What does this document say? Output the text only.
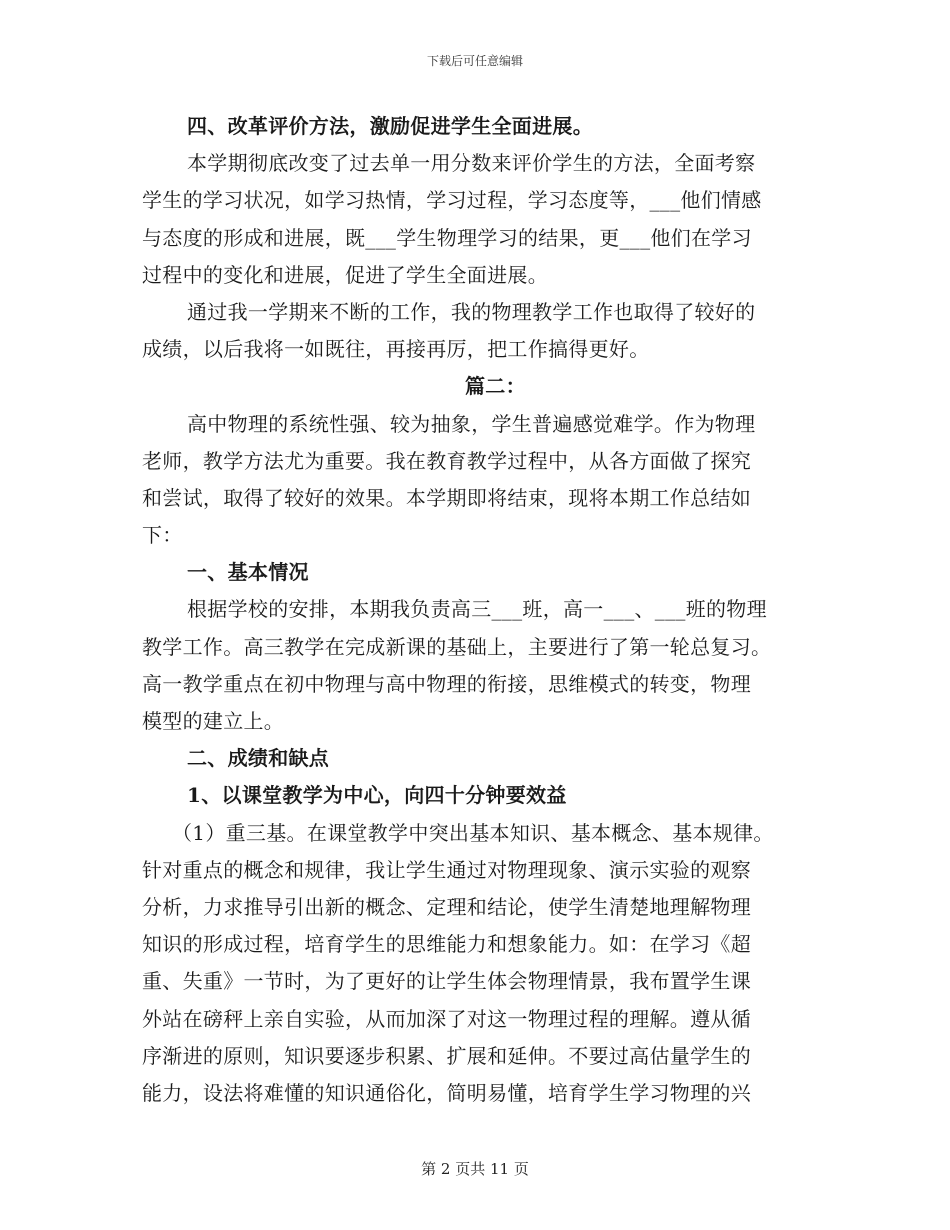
下载后可任意编辑
四、改革评价方法，激励促进学生全面进展。
本学期彻底改变了过去单一用分数来评价学生的方法，全面考察
学生的学习状况，如学习热情，学习过程，学习态度等，___他们情感
与态度的形成和进展，既___学生物理学习的结果，更___他们在学习
过程中的变化和进展，促进了学生全面进展。
通过我一学期来不断的工作，我的物理教学工作也取得了较好的
成绩，以后我将一如既往，再接再厉，把工作搞得更好。
篇二：
高中物理的系统性强、较为抽象，学生普遍感觉难学。作为物理
老师，教学方法尤为重要。我在教育教学过程中，从各方面做了探究
和尝试，取得了较好的效果。本学期即将结束，现将本期工作总结如
下：
一、基本情况
根据学校的安排，本期我负责高三___班，高一___、___班的物理
教学工作。高三教学在完成新课的基础上，主要进行了第一轮总复习。
高一教学重点在初中物理与高中物理的衔接，思维模式的转变，物理
模型的建立上。
二、成绩和缺点
1、以课堂教学为中心，向四十分钟要效益
（1）重三基。在课堂教学中突出基本知识、基本概念、基本规律。
针对重点的概念和规律，我让学生通过对物理现象、演示实验的观察
分析，力求推导引出新的概念、定理和结论，使学生清楚地理解物理
知识的形成过程，培育学生的思维能力和想象能力。如：在学习《超
重、失重》一节时，为了更好的让学生体会物理情景，我布置学生课
外站在磅秤上亲自实验，从而加深了对这一物理过程的理解。遵从循
序渐进的原则，知识要逐步积累、扩展和延伸。不要过高估量学生的
能力，设法将难懂的知识通俗化，简明易懂，培育学生学习物理的兴
第 2 页共 11 页
